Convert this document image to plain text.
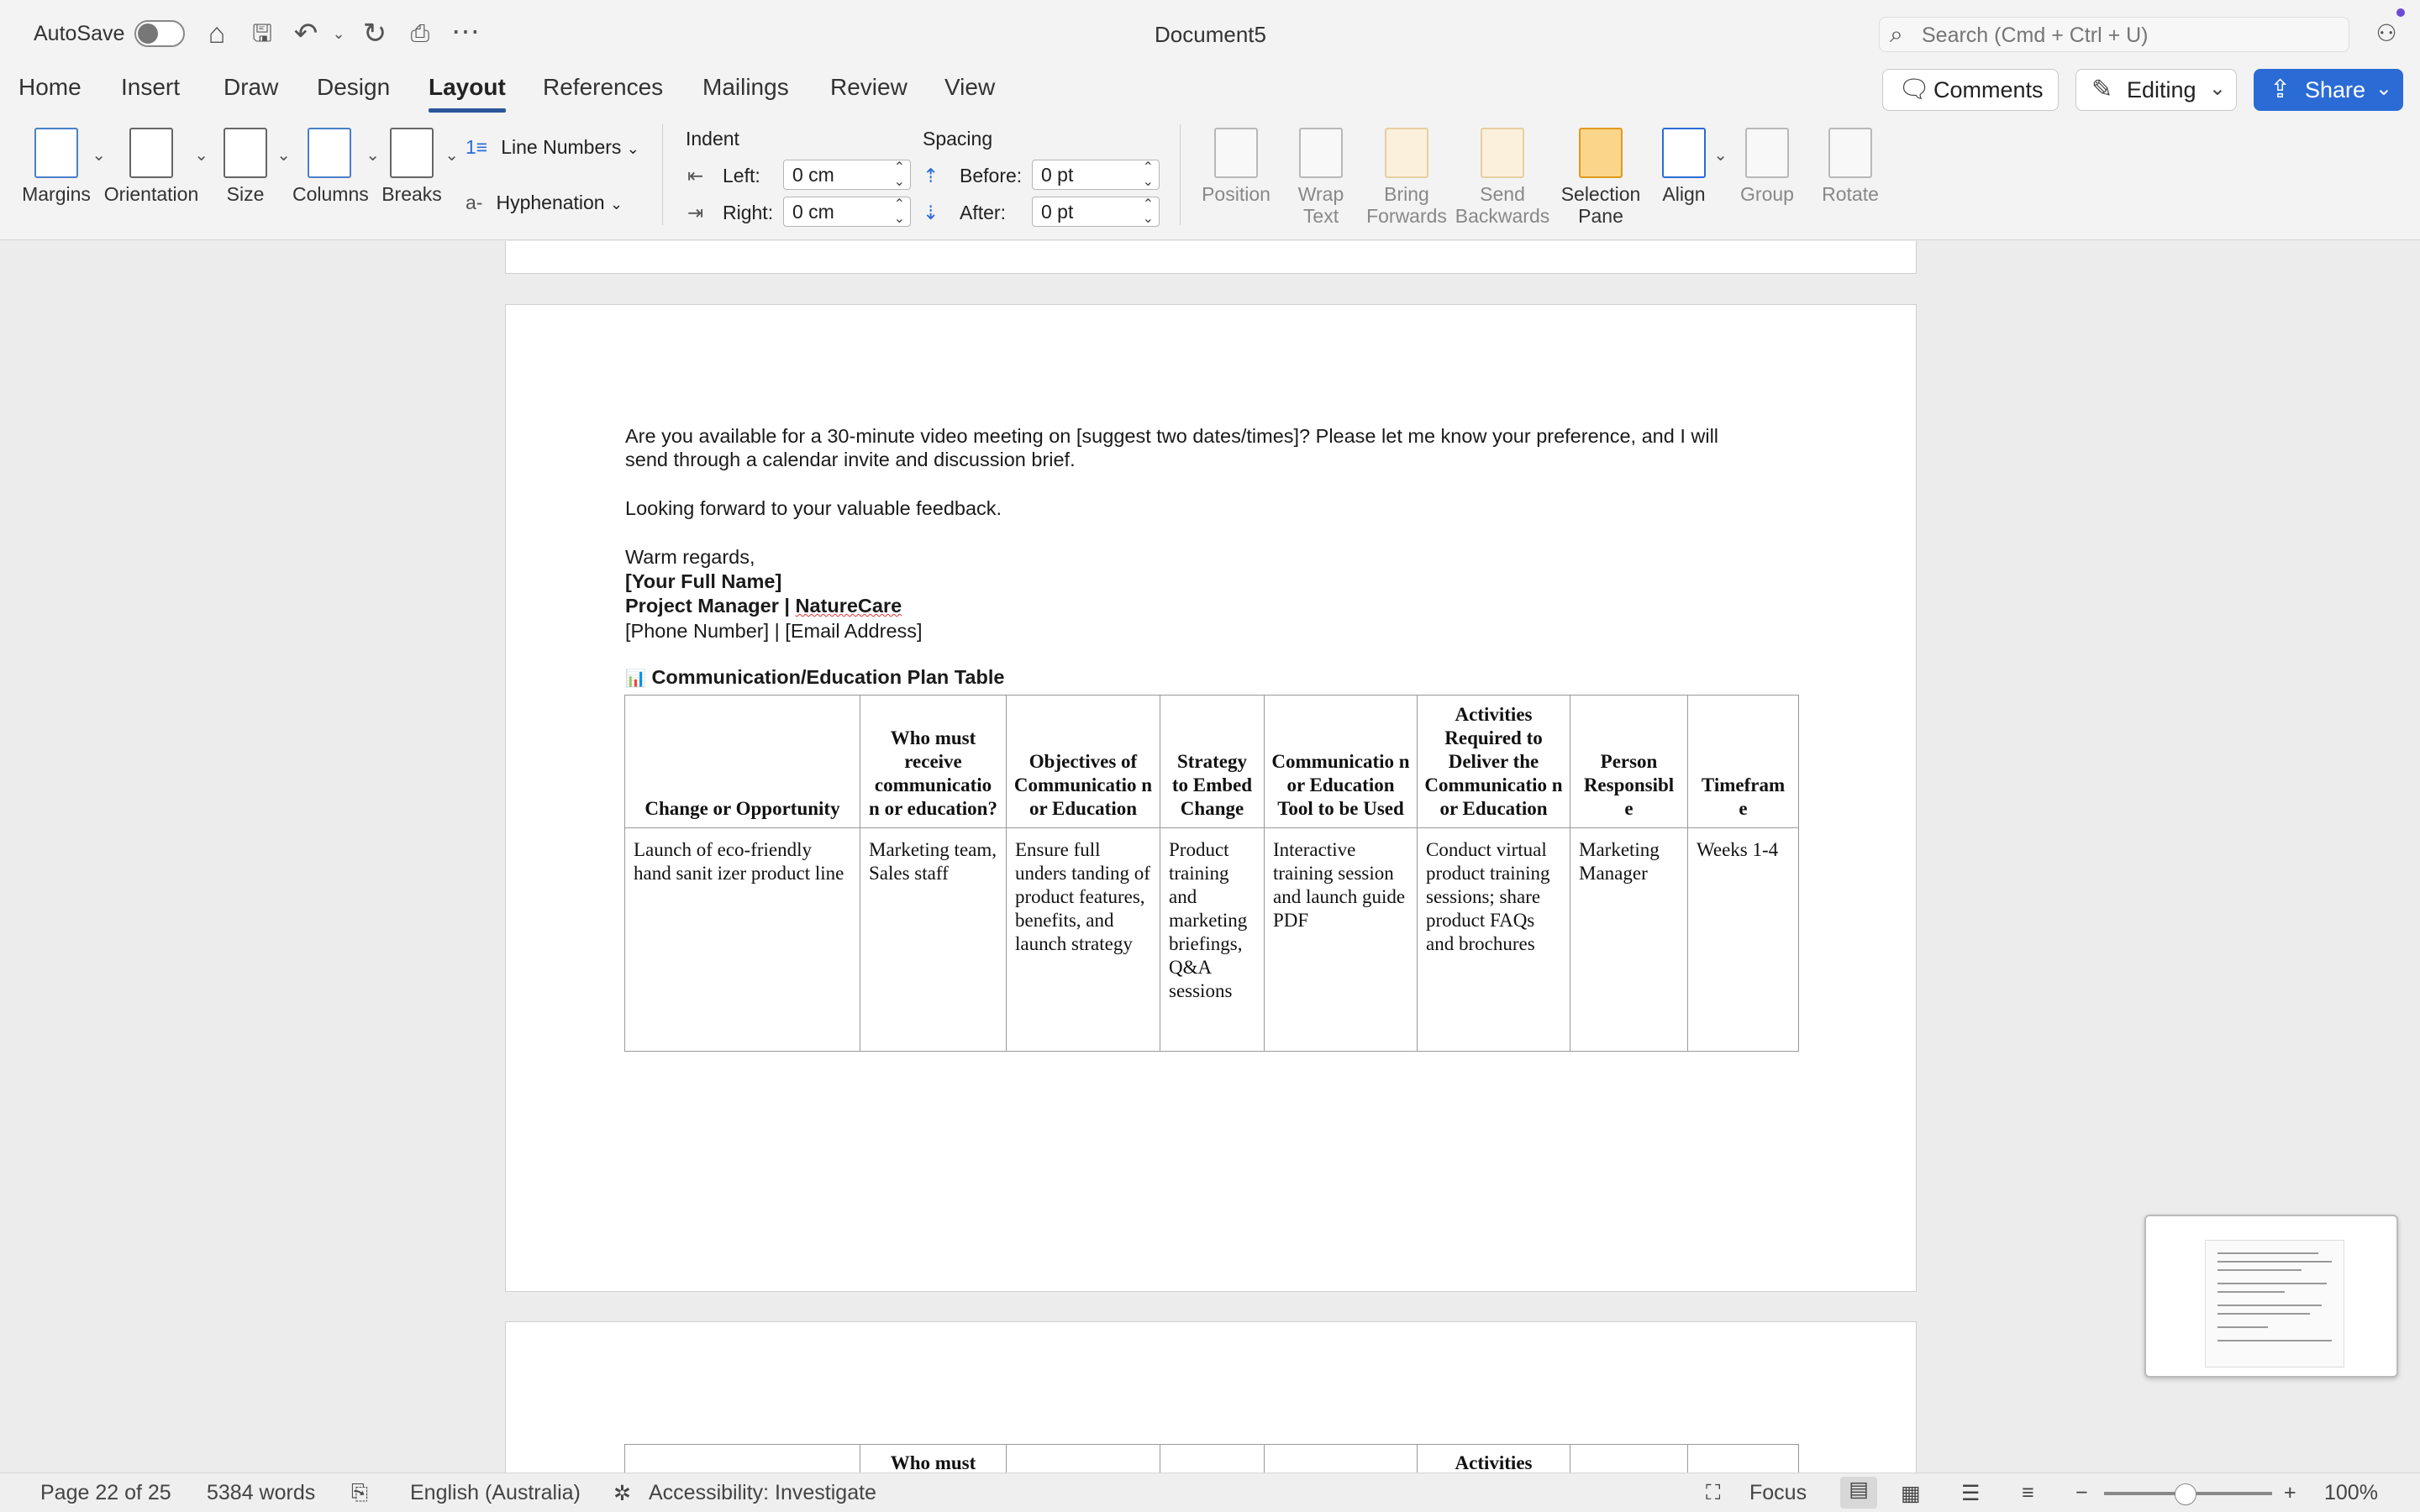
AutoSave	⌂	🖫 ↶ ⌄ ↻	⎙ ⋯	Document5	⌕
Search (Cmd + Ctrl + U)	⚇
Home Insert Draw Design Layout References Mailings Review View	🗨 Comments ✎ Editing ⌄ ⇪ Share ⌄
Margins
⌄
Orientation
⌄
Size
⌄
Columns
⌄
Breaks
⌄ 1≡ Line Numbers ⌄
a‐ Hyphenation ⌄
Indent
⇤ Left:	0 cm	⌃
⌄
⇥ Right: 0 cm	⌃
⌄
Spacing
⇡ Before: 0 pt	⌃
⌄
⇣ After:	0 pt	⌃
⌄
Position	Wrap
Text
Bring
Forwards
Send
Backwards
Selection
Pane
Align
⌄
Group	Rotate
Are you available for a 30-minute video meeting on [suggest two dates/times]? Please let me know your preference, and I will
send through a calendar invite and discussion brief.
Looking forward to your valuable feedback.
Warm regards,
[Your Full Name]
Project Manager | NatureCare
[Phone Number] | [Email Address]
📊 Communication/Education Plan Table
Change or Opportunity	Who must receive communicatio n or education?	Objectives of Communicatio n or Education	Strategy to Embed Change	Communicatio n or Education Tool to be Used	Activities Required to Deliver the Communicatio n or Education	Person Responsibl e	Timefram e
Launch of eco-friendly hand sanit izer product line	Marketing team, Sales staff	Ensure full unders tanding of product features, benefits, and launch strategy	Product training and marketing briefings, Q&A sessions	Interactive training session and launch guide PDF	Conduct virtual product training sessions; share product FAQs and brochures	Marketing Manager	Weeks 1-4
	Who must				Activities		
Page 22 of 25 5384 words ⎘ English (Australia) ✲ Accessibility: Investigate	⛶ Focus	▤	▦ ☰ ≡ −	+ 100%
